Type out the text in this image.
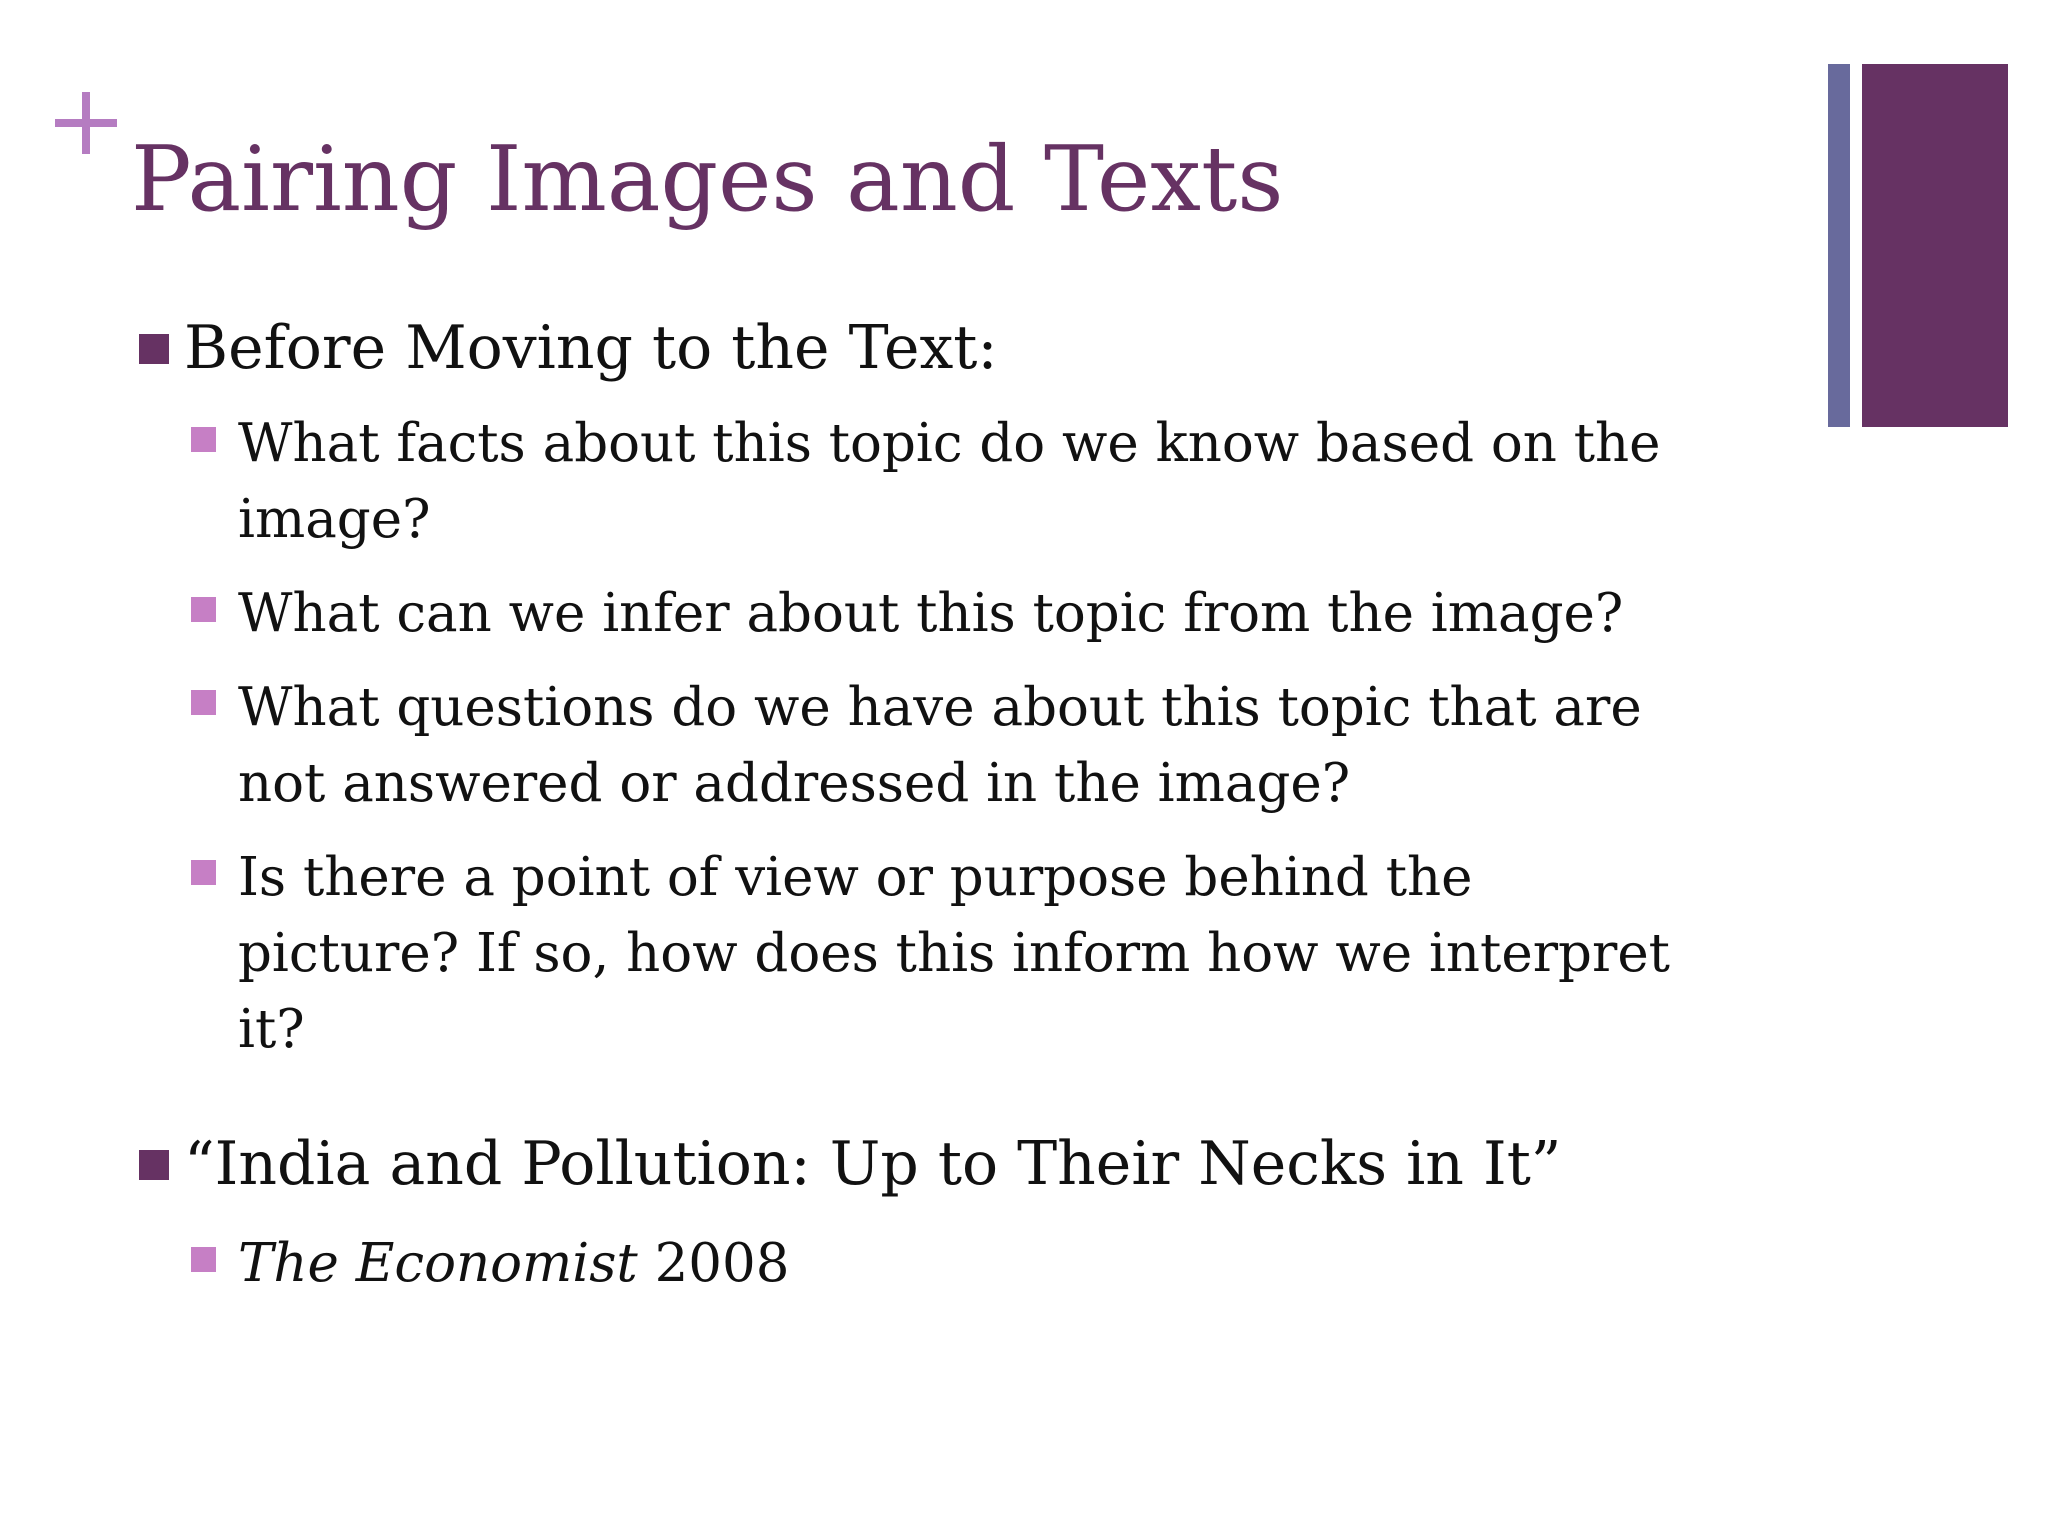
Pairing Images and Texts
Before Moving to the Text:
What facts about this topic do we know based on the
image?
What can we infer about this topic from the image?
What questions do we have about this topic that are
not answered or addressed in the image?
Is there a point of view or purpose behind the
picture? If so, how does this inform how we interpret
it?
“India and Pollution: Up to Their Necks in It”
The Economist 2008
